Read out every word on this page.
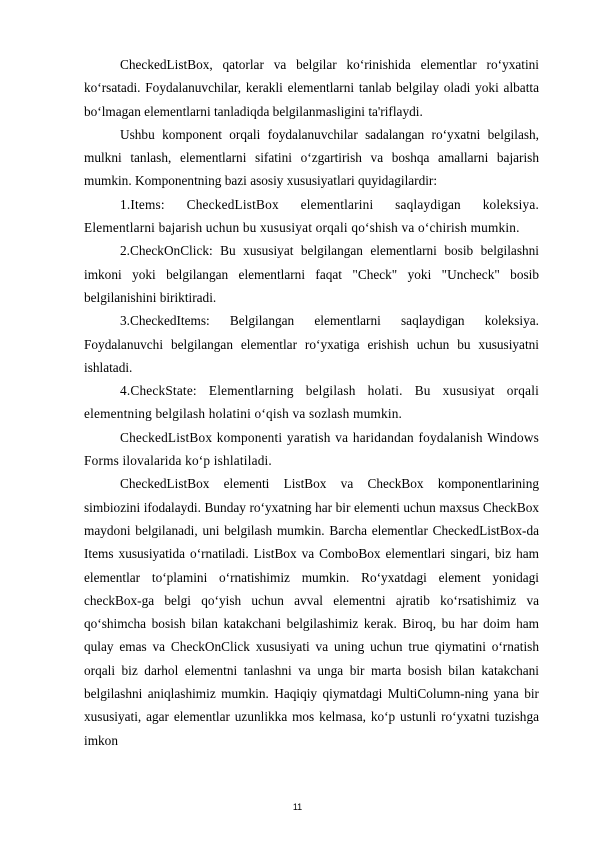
CheckedListBox, qatorlar va belgilar ko‘rinishida elementlar ro‘yxatini ko‘rsatadi. Foydalanuvchilar, kerakli elementlarni tanlab belgilay oladi yoki albatta bo‘lmagan elementlarni tanladiqda belgilanmasligini ta'riflaydi.

Ushbu komponent orqali foydalanuvchilar sadalangan ro‘yxatni belgilash, mulkni tanlash, elementlarni sifatini o‘zgartirish va boshqa amallarni bajarish mumkin. Komponentning bazi asosiy xususiyatlari quyidagilardir:

1.Items: CheckedListBox elementlarini saqlaydigan koleksiya. Elementlarni bajarish uchun bu xususiyat orqali qo‘shish va o‘chirish mumkin.

2.CheckOnClick: Bu xususiyat belgilangan elementlarni bosib belgilashni imkoni yoki belgilangan elementlarni faqat "Check" yoki "Uncheck" bosib belgilanishini biriktiradi.

3.CheckedItems: Belgilangan elementlarni saqlaydigan koleksiya. Foydalanuvchi belgilangan elementlar ro‘yxatiga erishish uchun bu xususiyatni ishlatadi.

4.CheckState: Elementlarning belgilash holati. Bu xususiyat orqali elementning belgilash holatini o‘qish va sozlash mumkin.

CheckedListBox komponenti yaratish va haridandan foydalanish Windows Forms ilovalarida ko‘p ishlatiladi.

CheckedListBox elementi ListBox va CheckBox komponentlarining simbiozini ifodalaydi. Bunday ro‘yxatning har bir elementi uchun maxsus CheckBox maydoni belgilanadi, uni belgilash mumkin. Barcha elementlar CheckedListBox-da Items xususiyatida o‘rnatiladi. ListBox va ComboBox elementlari singari, biz ham elementlar to‘plamini o‘rnatishimiz mumkin. Ro‘yxatdagi element yonidagi checkBox-ga belgi qo‘yish uchun avval elementni ajratib ko‘rsatishimiz va qo‘shimcha bosish bilan katakchani belgilashimiz kerak. Biroq, bu har doim ham qulay emas va CheckOnClick xususiyati va uning uchun true qiymatini o‘rnatish orqali biz darhol elementni tanlashni va unga bir marta bosish bilan katakchani belgilashni aniqlashimiz mumkin. Haqiqiy qiymatdagi MultiColumn-ning yana bir xususiyati, agar elementlar uzunlikka mos kelmasa, ko‘p ustunli ro‘yxatni tuzishga imkon

11
